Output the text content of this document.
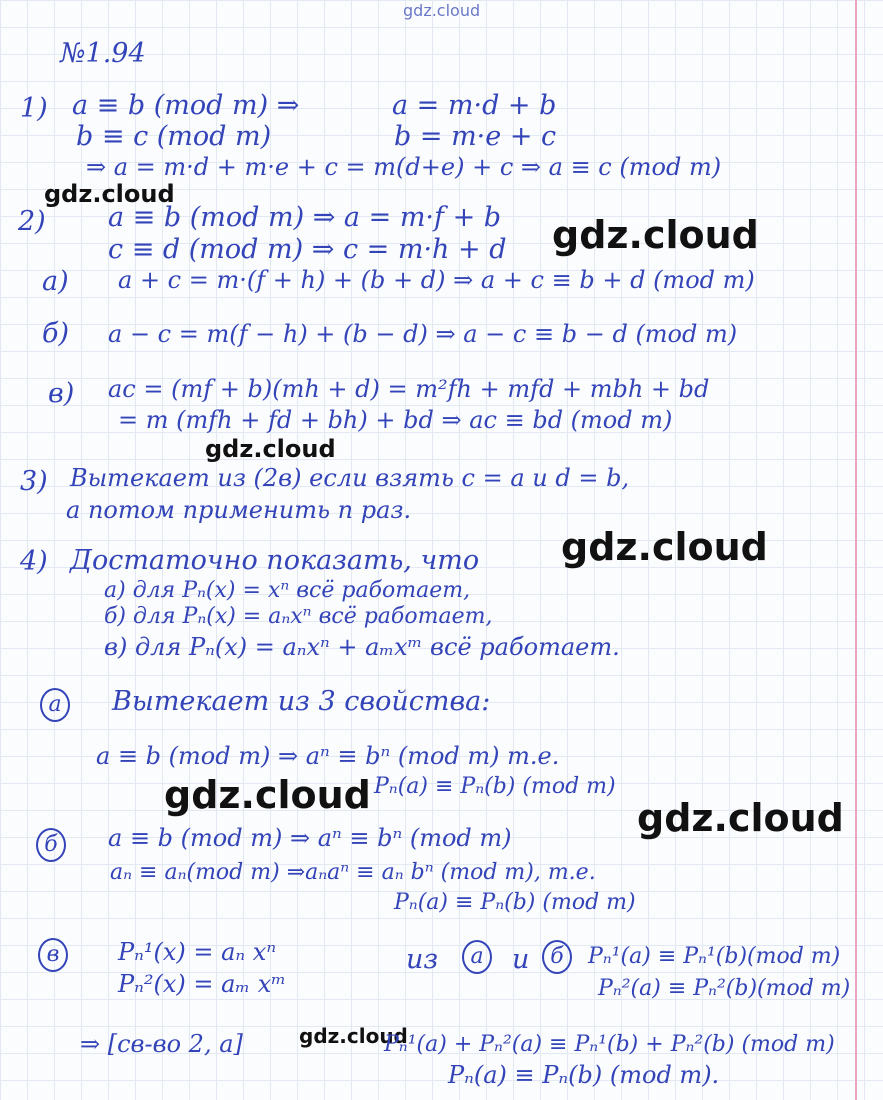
gdz.cloud
gdz.cloud
gdz.cloud
gdz.cloud
gdz.cloud
gdz.cloud
gdz.cloud
gdz.cloud
№1.94
1) a ≡ b (mod m) ⇒	a = m·d + b
b ≡ c (mod m)	b = m·e + c
⇒ a = m·d + m·e + c = m(d+e) + c ⇒ a ≡ c (mod m)
2) a ≡ b (mod m) ⇒ a = m·f + b
c ≡ d (mod m) ⇒ c = m·h + d
а) a + c = m·(f + h) + (b + d) ⇒ a + c ≡ b + d (mod m)
б) a − c = m(f − h) + (b − d) ⇒ a − c ≡ b − d (mod m)
в) ac = (mf + b)(mh + d) = m²fh + mfd + mbh + bd
= m (mfh + fd + bh) + bd ⇒ ac ≡ bd (mod m)
3) Вытекает из (2в) если взять c = a и d = b,
а потом применить n раз.
4) Достаточно показать, что
а) для Pₙ(x) = xⁿ всё работает,
б) для Pₙ(x) = aₙxⁿ всё работает,
в) для Pₙ(x) = aₙxⁿ + aₘxᵐ всё работает.
а	Вытекает из 3 свойства:
a ≡ b (mod m) ⇒ aⁿ ≡ bⁿ (mod m) т.е.
Pₙ(a) ≡ Pₙ(b) (mod m)
б	a ≡ b (mod m) ⇒ aⁿ ≡ bⁿ (mod m)
aₙ ≡ aₙ(mod m) ⇒aₙaⁿ ≡ aₙ bⁿ (mod m), т.е.
Pₙ(a) ≡ Pₙ(b) (mod m)
в	Pₙ¹(x) = aₙ xⁿ
Pₙ²(x) = aₘ xᵐ
из	а	и б	Pₙ¹(a) ≡ Pₙ¹(b)(mod m)
Pₙ²(a) ≡ Pₙ²(b)(mod m)
⇒ [св-во 2, а]	Pₙ¹(a) + Pₙ²(a) ≡ Pₙ¹(b) + Pₙ²(b) (mod m)
Pₙ(a) ≡ Pₙ(b) (mod m).
